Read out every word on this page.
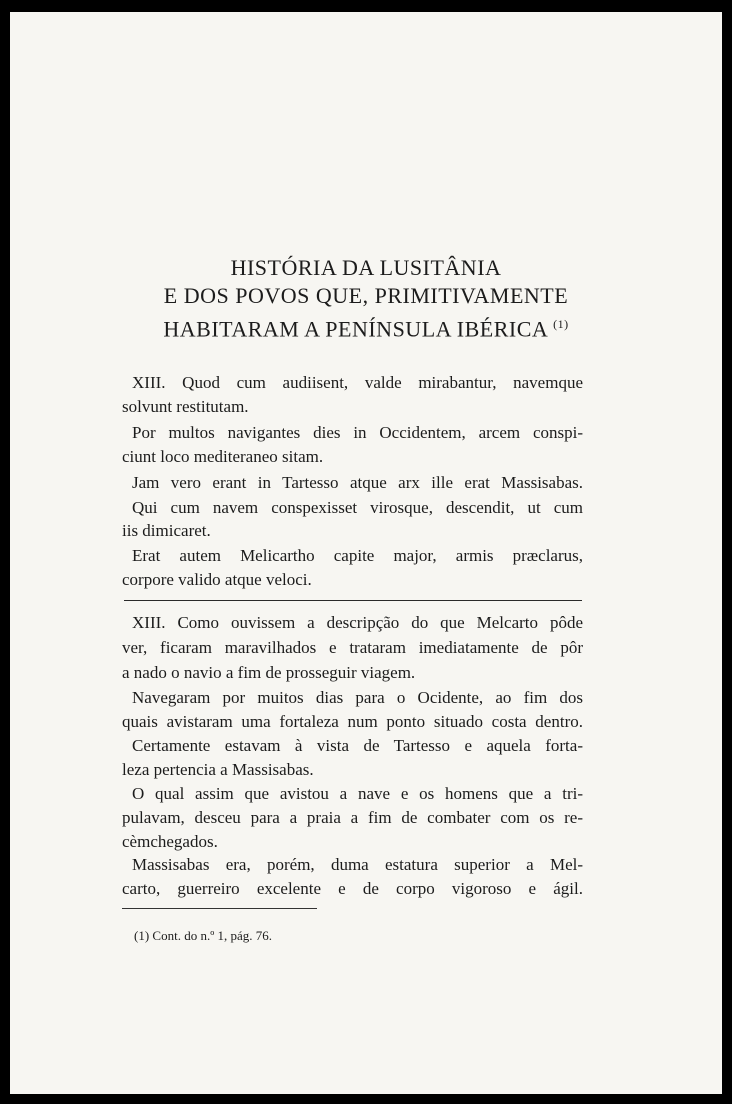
HISTÓRIA DA LUSITÂNIA
E DOS POVOS QUE, PRIMITIVAMENTE
HABITARAM A PENÍNSULA IBÉRICA $^{(1)}$
XIII. Quod cum audiisent, valde mirabantur, navemque
solvunt restitutam.
Por multos navigantes dies in Occidentem, arcem conspi-
ciunt loco mediteraneo sitam.
Jam vero erant in Tartesso atque arx ille erat Massisabas.
Qui cum navem conspexisset virosque, descendit, ut cum
iis dimicaret.
Erat autem Melicartho capite major, armis præclarus,
corpore valido atque veloci.
XIII. Como ouvissem a descripção do que Melcarto pôde
ver, ficaram maravilhados e trataram imediatamente de pôr
a nado o navio a fim de prosseguir viagem.
Navegaram por muitos dias para o Ocidente, ao fim dos
quais avistaram uma fortaleza num ponto situado costa dentro.
Certamente estavam à vista de Tartesso e aquela forta-
leza pertencia a Massisabas.
O qual assim que avistou a nave e os homens que a tri-
pulavam, desceu para a praia a fim de combater com os re-
cèmchegados.
Massisabas era, porém, duma estatura superior a Mel-
carto, guerreiro excelente e de corpo vigoroso e ágil.
(1) Cont. do n.º 1, pág. 76.
